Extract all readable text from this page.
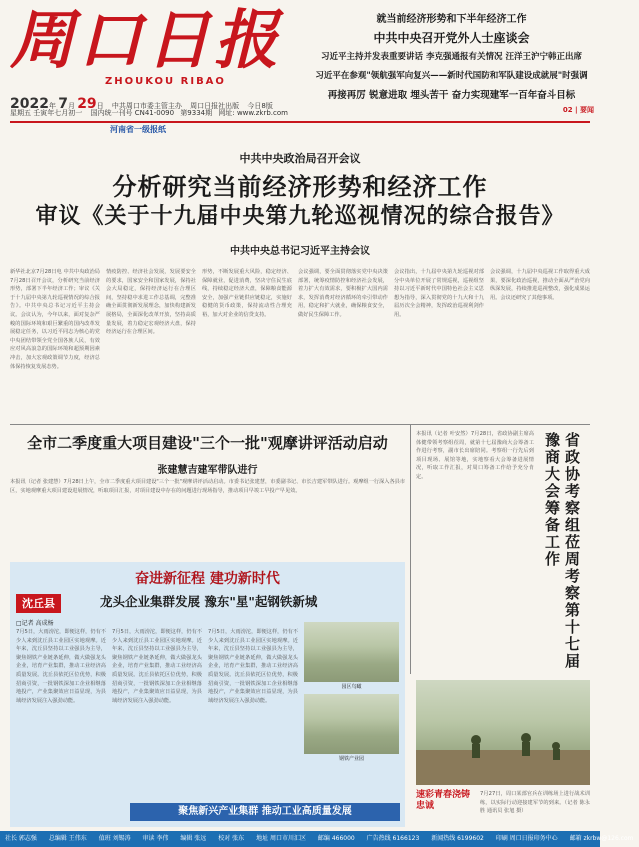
周口日报
ZHOUKOU RIBAO
2022年 7月 29日 中共周口市委主管主办 周口日报社出版 今日8版
星期五 壬寅年七月初一 国内统一刊号 CN41-0090 第9334期 网址: www.zkrb.com
就当前经济形势和下半年经济工作
中共中央召开党外人士座谈会
习近平主持并发表重要讲话 李克强通报有关情况 汪洋王沪宁韩正出席
习近平在参观"领航强军向复兴——新时代国防和军队建设成就展"时强调
再接再厉 锐意进取 埋头苦干 奋力实现建军一百年奋斗目标
02 | 要闻
河南省一级报纸
中共中央政治局召开会议
分析研究当前经济形势和经济工作
审议《关于十九届中央第九轮巡视情况的综合报告》
中共中央总书记习近平主持会议
新华社北京7月28日电 中共中央政治局7月28日召开会议，分析研究当前经济形势，部署下半年经济工作；审议《关于十九届中央第九轮巡视情况的综合报告》。中共中央总书记习近平主持会议。会议认为，今年以来，面对复杂严峻的国际环境和艰巨繁重的国内改革发展稳定任务，以习近平同志为核心的党中央团结带领全党全国各族人民，有效应对风高浪急的国际环境和超预期因素冲击，加大宏观政策调节力度，经济总体保持恢复发展态势。
情疫防控、经济社会发展，发展要安全的要求，国家安全和国家发展，保持社会大局稳定，保持经济运行在合理区间，坚持稳中求进工作总基调，完整准确全面贯彻新发展理念，加快构建新发展格局，全面深化改革开放，坚持高质量发展，着力稳定宏观经济大盘，保持经济运行在合理区间。
形势，不断发展重大风险，稳定经济、保障就业，促进消费，坚决守住民生底线，持续稳定经济大盘，保障粮食能源安全，加强产业链供应链稳定，实施好稳健的货币政策，保持流动性合理充裕，加大对企业的信贷支持。
会议强调，要全面贯彻落实党中央决策部署，统筹疫情防控和经济社会发展，着力扩大有效需求，要积极扩大国内需求，发挥消费对经济循环的牵引带动作用，稳定和扩大就业，确保粮食安全，做好民生保障工作。
会议指出，十九届中央第九轮巡视对部分中央单位开展了常规巡视，巡视组坚持以习近平新时代中国特色社会主义思想为指导，深入贯彻党的十九大和十九届历次全会精神，发挥政治巡视利剑作用。
会议强调，十九届中央巡视工作取得重大成果，要深化政治巡视，推动全面从严治党向纵深发展，持续推进巡视整改，强化成果运用。会议还研究了其他事项。
全市二季度重大项目建设"三个一批"观摩讲评活动启动
张建慧吉建军带队进行
本报讯（记者 张建慧）7月28日上午，全市二季度重大项目建设"三个一批"观摩讲评活动启动。市委书记张建慧，市委副书记、市长吉建军带队进行。观摩组一行深入各县市区，实地观摩重大项目建设进展情况，听取项目汇报，对项目建设中存在的问题进行现场指导，推动项目早竣工早投产早见效。
本报讯（记者 叶安然）7月28日，省政协副主席高体健带领考察组莅周，就第十七届豫商大会筹备工作进行考察，副市长出席陪同。考察组一行先后到项目现场、展馆等地，实地察看大会筹备进展情况，听取工作汇报，对周口筹备工作给予充分肯定。	省政协考察组莅周考察第十七届豫商大会筹备工作
奋进新征程 建功新时代
沈丘县	龙头企业集群发展 豫东"星"起钢铁新城
□记者 高成杨
7月5日，大雨滂沱，即便这样，仍有不少人来到沈丘县工业园区实地观摩。近年来，沈丘县坚持以工业强县为主导，聚焦钢铁产业链条延伸，做大做强龙头企业，培育产业集群，推动工业经济高质量发展。沈丘县依托区位优势，积极招商引资，一批钢铁深加工企业相继落地投产，产业集聚效应日益显现，为县域经济发展注入强劲动能。
7月5日，大雨滂沱，即便这样，仍有不少人来到沈丘县工业园区实地观摩。近年来，沈丘县坚持以工业强县为主导，聚焦钢铁产业链条延伸，做大做强龙头企业，培育产业集群，推动工业经济高质量发展。沈丘县依托区位优势，积极招商引资，一批钢铁深加工企业相继落地投产，产业集聚效应日益显现，为县域经济发展注入强劲动能。
7月5日，大雨滂沱，即便这样，仍有不少人来到沈丘县工业园区实地观摩。近年来，沈丘县坚持以工业强县为主导，聚焦钢铁产业链条延伸，做大做强龙头企业，培育产业集群，推动工业经济高质量发展。沈丘县依托区位优势，积极招商引资，一批钢铁深加工企业相继落地投产，产业集聚效应日益显现，为县域经济发展注入强劲动能。
园区鸟瞰
钢铁产业园
聚焦新兴产业集群 推动工业高质量发展
速彩青春浇铸忠诚
7月27日，周口某部官兵在训练场上进行战术训练，以实际行动迎接建军节的到来。（记者 陈永胜 通讯员 张旭 摄）
社长 郭志强 总编辑 王伟东 值班 刘锡涛 审读 李伟 编辑 张远 校对 张东 地址 周口市川汇区 邮编 466000 广告热线 6166123 新闻热线 6199602 印刷 周口日报印务中心 邮箱 zkrbw@126.com
